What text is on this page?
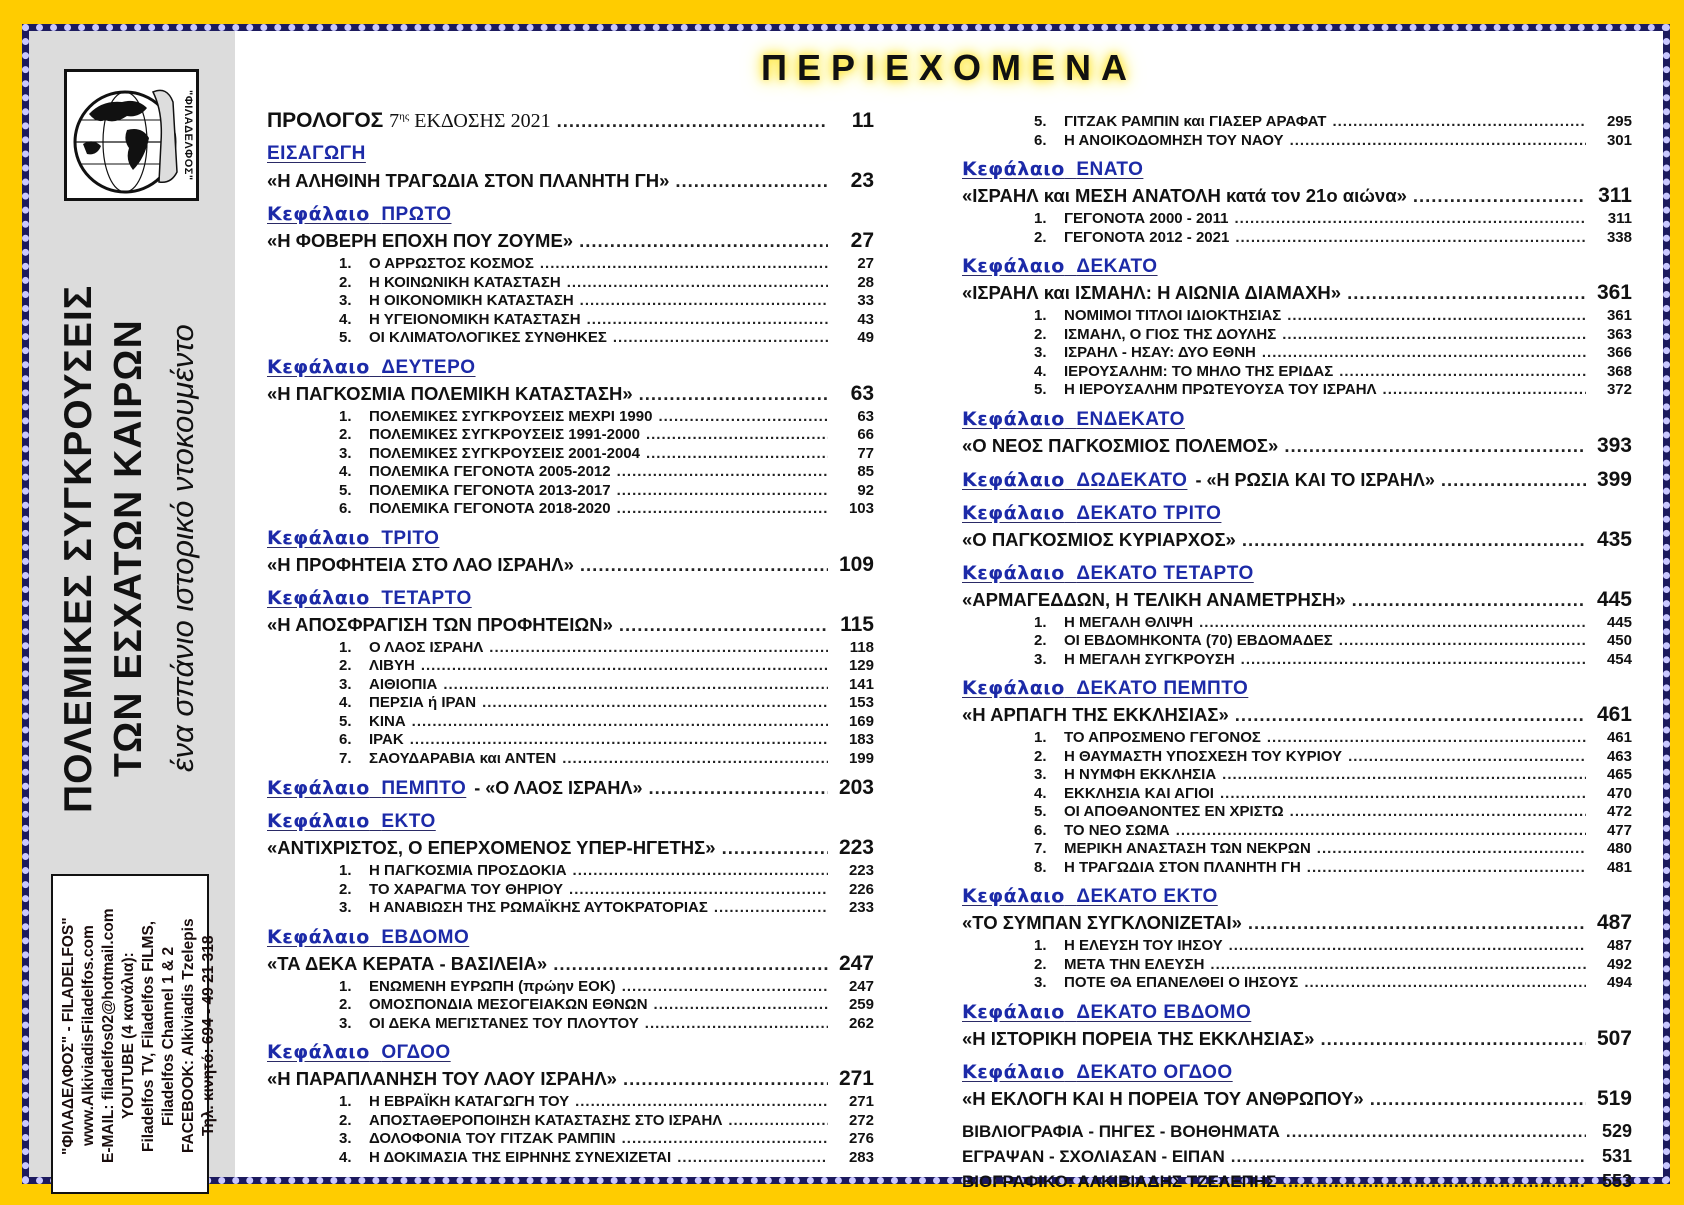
"ΦΙΛΑΔΕΛΦΟΣ"
ΠΟΛΕΜΙΚΕΣ ΣΥΓΚΡΟΥΣΕΙΣ ΤΩΝ ΕΣΧΑΤΩΝ ΚΑΙΡΩΝ ένα σπάνιο ιστορικό ντοκουμέντο
"ΦΙΛΑΔΕΛΦΟΣ" - FILADELFOS" www.AlkiviadisFiladelfos.com E-MAIL: filadelfos02@hotmail.com YOUTUBE (4 κανάλια): Filadelfos TV, Filadelfos FILMS, Filadelfos Channel 1 & 2 FACEBOOK: Alkiviadis Tzelepis Τηλ. κινητό: 694 - 49 21 318
ΠΕΡΙΕΧΟΜΕΝΑ
ΠΡΟΛΟΓΟΣ $7^{\eta\varsigma}$ ΕΚΔΟΣΗΣ 2021 .....	11
ΕΙΣΑΓΩΓΗ
«Η ΑΛΗΘΙΝΗ ΤΡΑΓΩΔΙΑ ΣΤΟΝ ΠΛΑΝΗΤΗ ΓΗ» .....	23
Κεφάλαιο ΠΡΩΤΟ
«Η ΦΟΒΕΡΗ ΕΠΟΧΗ ΠΟΥ ΖΟΥΜΕ» .....	27
1. Ο ΑΡΡΩΣΤΟΣ ΚΟΣΜΟΣ .....	27
2. Η ΚΟΙΝΩΝΙΚΗ ΚΑΤΑΣΤΑΣΗ .....	28
3. Η ΟΙΚΟΝΟΜΙΚΗ ΚΑΤΑΣΤΑΣΗ .....	33
4. Η ΥΓΕΙΟΝΟΜΙΚΗ ΚΑΤΑΣΤΑΣΗ .....	43
5. ΟΙ ΚΛΙΜΑΤΟΛΟΓΙΚΕΣ ΣΥΝΘΗΚΕΣ .....	49
Κεφάλαιο ΔΕΥΤΕΡΟ
«Η ΠΑΓΚΟΣΜΙΑ ΠΟΛΕΜΙΚΗ ΚΑΤΑΣΤΑΣΗ» .....	63
1. ΠΟΛΕΜΙΚΕΣ ΣΥΓΚΡΟΥΣΕΙΣ ΜΕΧΡΙ 1990 .....	63
2. ΠΟΛΕΜΙΚΕΣ ΣΥΓΚΡΟΥΣΕΙΣ 1991-2000 .....	66
3. ΠΟΛΕΜΙΚΕΣ ΣΥΓΚΡΟΥΣΕΙΣ 2001-2004 .....	77
4. ΠΟΛΕΜΙΚΑ ΓΕΓΟΝΟΤΑ 2005-2012 .....	85
5. ΠΟΛΕΜΙΚΑ ΓΕΓΟΝΟΤΑ 2013-2017 .....	92
6. ΠΟΛΕΜΙΚΑ ΓΕΓΟΝΟΤΑ 2018-2020 .....	103
Κεφάλαιο ΤΡΙΤΟ
«Η ΠΡΟΦΗΤΕΙΑ ΣΤΟ ΛΑΟ ΙΣΡΑΗΛ» .....	109
Κεφάλαιο ΤΕΤΑΡΤΟ
«Η ΑΠΟΣΦΡΑΓΙΣΗ ΤΩΝ ΠΡΟΦΗΤΕΙΩΝ» .....	115
1. Ο ΛΑΟΣ ΙΣΡΑΗΛ .....	118
2. ΛΙΒΥΗ .....	129
3. ΑΙΘΙΟΠΙΑ .....	141
4. ΠΕΡΣΙΑ ή ΙΡΑΝ .....	153
5. ΚΙΝΑ .....	169
6. ΙΡΑΚ .....	183
7. ΣΑΟΥΔΑΡΑΒΙΑ και ΑΝΤΕΝ .....	199
Κεφάλαιο ΠΕΜΠΤΟ - «Ο ΛΑΟΣ ΙΣΡΑΗΛ» .....	203
Κεφάλαιο ΕΚΤΟ
«ΑΝΤΙΧΡΙΣΤΟΣ, Ο ΕΠΕΡΧΟΜΕΝΟΣ ΥΠΕΡ-ΗΓΕΤΗΣ» .....	223
1. Η ΠΑΓΚΟΣΜΙΑ ΠΡΟΣΔΟΚΙΑ .....	223
2. ΤΟ ΧΑΡΑΓΜΑ ΤΟΥ ΘΗΡΙΟΥ .....	226
3. Η ΑΝΑΒΙΩΣΗ ΤΗΣ ΡΩΜΑΪΚΗΣ ΑΥΤΟΚΡΑΤΟΡΙΑΣ .....	233
Κεφάλαιο ΕΒΔΟΜΟ
«ΤΑ ΔΕΚΑ ΚΕΡΑΤΑ - ΒΑΣΙΛΕΙΑ» .....	247
1. ΕΝΩΜΕΝΗ ΕΥΡΩΠΗ (πρώην ΕΟΚ) .....	247
2. ΟΜΟΣΠΟΝΔΙΑ ΜΕΣΟΓΕΙΑΚΩΝ ΕΘΝΩΝ .....	259
3. ΟΙ ΔΕΚΑ ΜΕΓΙΣΤΑΝΕΣ ΤΟΥ ΠΛΟΥΤΟΥ .....	262
Κεφάλαιο ΟΓΔΟΟ
«Η ΠΑΡΑΠΛΑΝΗΣΗ ΤΟΥ ΛΑΟΥ ΙΣΡΑΗΛ» .....	271
1. Η ΕΒΡΑΪΚΗ ΚΑΤΑΓΩΓΗ ΤΟΥ .....	271
2. ΑΠΟΣΤΑΘΕΡΟΠΟΙΗΣΗ ΚΑΤΑΣΤΑΣΗΣ ΣΤΟ ΙΣΡΑΗΛ .....	272
3. ΔΟΛΟΦΟΝΙΑ ΤΟΥ ΓΙΤΖΑΚ ΡΑΜΠΙΝ .....	276
4. Η ΔΟΚΙΜΑΣΙΑ ΤΗΣ ΕΙΡΗΝΗΣ ΣΥΝΕΧΙΖΕΤΑΙ .....	283
5. ΓΙΤΖΑΚ ΡΑΜΠΙΝ και ΓΙΑΣΕΡ ΑΡΑΦΑΤ .....	295
6. Η ΑΝΟΙΚΟΔΟΜΗΣΗ ΤΟΥ ΝΑΟΥ .....	301
Κεφάλαιο ΕΝΑΤΟ
«ΙΣΡΑΗΛ και ΜΕΣΗ ΑΝΑΤΟΛΗ κατά τον 21ο αιώνα» .....	311
1. ΓΕΓΟΝΟΤΑ 2000 - 2011 .....	311
2. ΓΕΓΟΝΟΤΑ 2012 - 2021 .....	338
Κεφάλαιο ΔΕΚΑΤΟ
«ΙΣΡΑΗΛ και ΙΣΜΑΗΛ: Η ΑΙΩΝΙΑ ΔΙΑΜΑΧΗ» .....	361
1. ΝΟΜΙΜΟΙ ΤΙΤΛΟΙ ΙΔΙΟΚΤΗΣΙΑΣ .....	361
2. ΙΣΜΑΗΛ, Ο ΓΙΟΣ ΤΗΣ ΔΟΥΛΗΣ .....	363
3. ΙΣΡΑΗΛ - ΗΣΑΥ: ΔΥΟ ΕΘΝΗ .....	366
4. ΙΕΡΟΥΣΑΛΗΜ: ΤΟ ΜΗΛΟ ΤΗΣ ΕΡΙΔΑΣ .....	368
5. Η ΙΕΡΟΥΣΑΛΗΜ ΠΡΩΤΕΥΟΥΣΑ ΤΟΥ ΙΣΡΑΗΛ .....	372
Κεφάλαιο ΕΝΔΕΚΑΤΟ
«Ο ΝΕΟΣ ΠΑΓΚΟΣΜΙΟΣ ΠΟΛΕΜΟΣ» .....	393
Κεφάλαιο ΔΩΔΕΚΑΤΟ - «Η ΡΩΣΙΑ ΚΑΙ ΤΟ ΙΣΡΑΗΛ» .....	399
Κεφάλαιο ΔΕΚΑΤΟ ΤΡΙΤΟ
«Ο ΠΑΓΚΟΣΜΙΟΣ ΚΥΡΙΑΡΧΟΣ» .....	435
Κεφάλαιο ΔΕΚΑΤΟ ΤΕΤΑΡΤΟ
«ΑΡΜΑΓΕΔΔΩΝ, Η ΤΕΛΙΚΗ ΑΝΑΜΕΤΡΗΣΗ» .....	445
1. Η ΜΕΓΑΛΗ ΘΛΙΨΗ .....	445
2. ΟΙ ΕΒΔΟΜΗΚΟΝΤΑ (70) ΕΒΔΟΜΑΔΕΣ .....	450
3. Η ΜΕΓΑΛΗ ΣΥΓΚΡΟΥΣΗ .....	454
Κεφάλαιο ΔΕΚΑΤΟ ΠΕΜΠΤΟ
«Η ΑΡΠΑΓΗ ΤΗΣ ΕΚΚΛΗΣΙΑΣ» .....	461
1. ΤΟ ΑΠΡΟΣΜΕΝΟ ΓΕΓΟΝΟΣ .....	461
2. Η ΘΑΥΜΑΣΤΗ ΥΠΟΣΧΕΣΗ ΤΟΥ ΚΥΡΙΟΥ .....	463
3. Η ΝΥΜΦΗ ΕΚΚΛΗΣΙΑ .....	465
4. ΕΚΚΛΗΣΙΑ ΚΑΙ ΑΓΙΟΙ .....	470
5. ΟΙ ΑΠΟΘΑΝΟΝΤΕΣ ΕΝ ΧΡΙΣΤΩ .....	472
6. ΤΟ ΝΕΟ ΣΩΜΑ .....	477
7. ΜΕΡΙΚΗ ΑΝΑΣΤΑΣΗ ΤΩΝ ΝΕΚΡΩΝ .....	480
8. Η ΤΡΑΓΩΔΙΑ ΣΤΟΝ ΠΛΑΝΗΤΗ ΓΗ .....	481
Κεφάλαιο ΔΕΚΑΤΟ ΕΚΤΟ
«ΤΟ ΣΥΜΠΑΝ ΣΥΓΚΛΟΝΙΖΕΤΑΙ» .....	487
1. Η ΕΛΕΥΣΗ ΤΟΥ ΙΗΣΟΥ .....	487
2. ΜΕΤΑ ΤΗΝ ΕΛΕΥΣΗ .....	492
3. ΠΟΤΕ ΘΑ ΕΠΑΝΕΛΘΕΙ Ο ΙΗΣΟΥΣ .....	494
Κεφάλαιο ΔΕΚΑΤΟ ΕΒΔΟΜΟ
«Η ΙΣΤΟΡΙΚΗ ΠΟΡΕΙΑ ΤΗΣ ΕΚΚΛΗΣΙΑΣ» .....	507
Κεφάλαιο ΔΕΚΑΤΟ ΟΓΔΟΟ
«Η ΕΚΛΟΓΗ ΚΑΙ Η ΠΟΡΕΙΑ ΤΟΥ ΑΝΘΡΩΠΟΥ» .....	519
ΒΙΒΛΙΟΓΡΑΦΙΑ - ΠΗΓΕΣ - ΒΟΗΘΗΜΑΤΑ .....	529
ΕΓΡΑΨΑΝ - ΣΧΟΛΙΑΣΑΝ - ΕΙΠΑΝ .....	531
ΒΙΟΓΡΑΦΙΚΟ: ΑΛΚΙΒΙΑΔΗΣ ΤΖΕΛΕΠΗΣ .....	553
